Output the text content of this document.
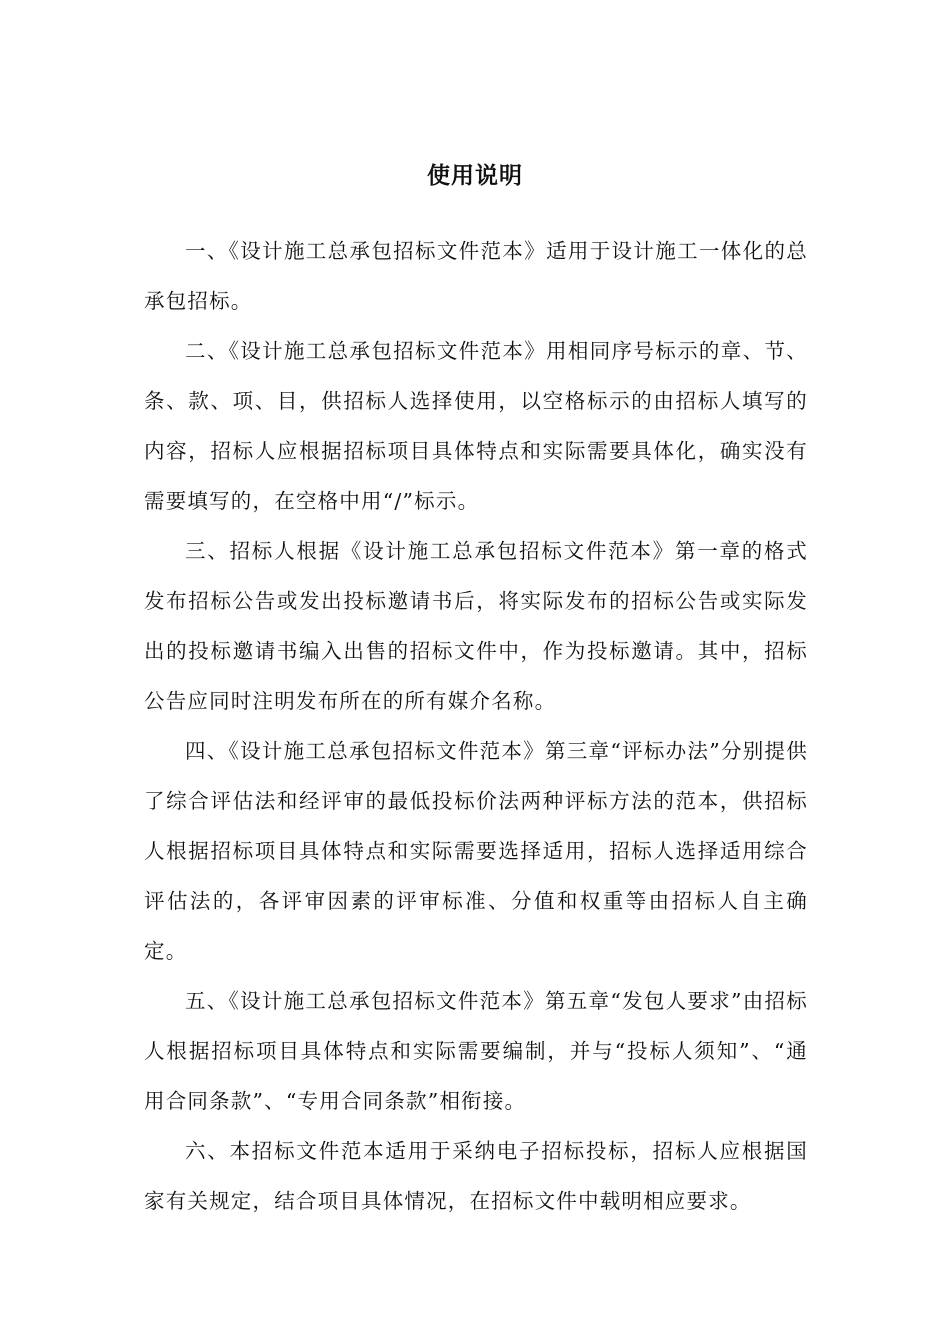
使用说明

一、《设计施工总承包招标文件范本》适用于设计施工一体化的总承包招标。

二、《设计施工总承包招标文件范本》用相同序号标示的章、节、条、款、项、目，供招标人选择使用，以空格标示的由招标人填写的内容，招标人应根据招标项目具体特点和实际需要具体化，确实没有需要填写的，在空格中用“/”标示。

三、招标人根据《设计施工总承包招标文件范本》第一章的格式发布招标公告或发出投标邀请书后，将实际发布的招标公告或实际发出的投标邀请书编入出售的招标文件中，作为投标邀请。其中，招标公告应同时注明发布所在的所有媒介名称。

四、《设计施工总承包招标文件范本》第三章“评标办法”分别提供了综合评估法和经评审的最低投标价法两种评标方法的范本，供招标人根据招标项目具体特点和实际需要选择适用，招标人选择适用综合评估法的，各评审因素的评审标准、分值和权重等由招标人自主确定。

五、《设计施工总承包招标文件范本》第五章“发包人要求”由招标人根据招标项目具体特点和实际需要编制，并与“投标人须知”、“通用合同条款”、“专用合同条款”相衔接。

六、本招标文件范本适用于采纳电子招标投标，招标人应根据国家有关规定，结合项目具体情况，在招标文件中载明相应要求。
